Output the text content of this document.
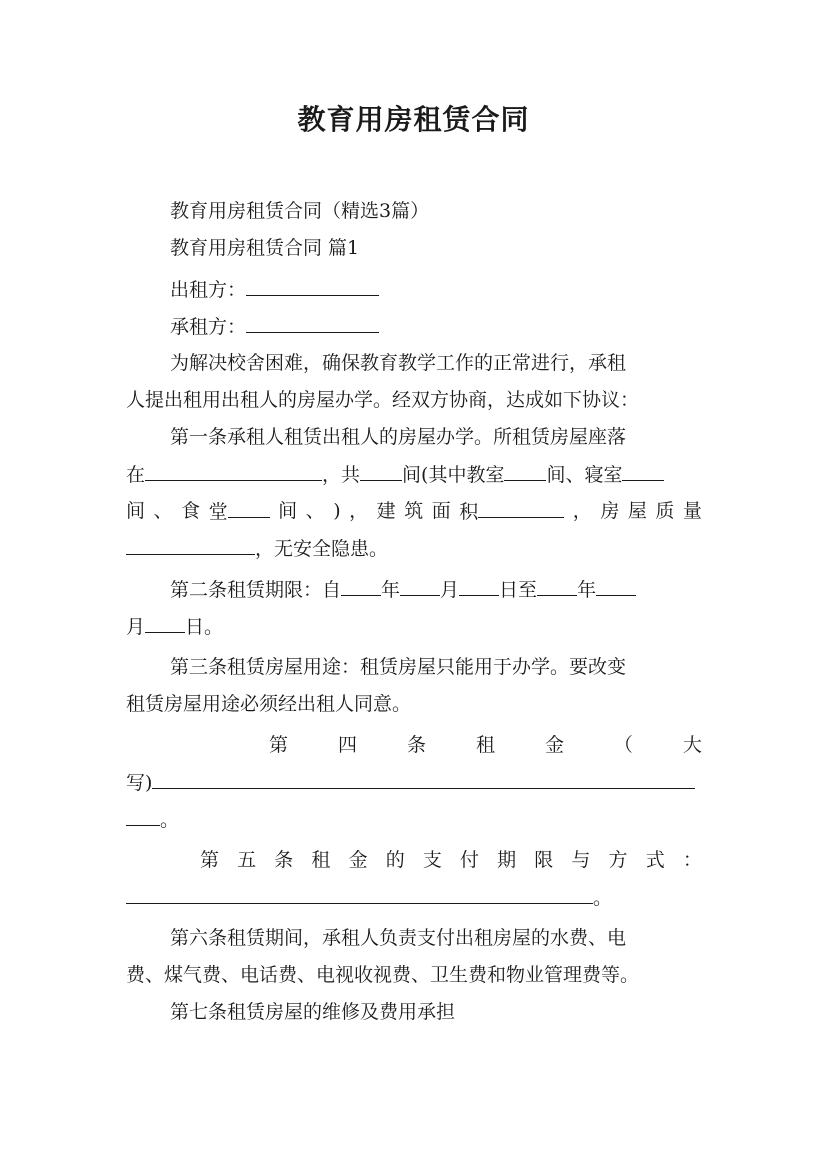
教育用房租赁合同
教育用房租赁合同（精选3篇）
教育用房租赁合同 篇1
出租方：
承租方：
为解决校舍困难，确保教育教学工作的正常进行，承租
人提出租用出租人的房屋办学。经双方协商，达成如下协议：
第一条承租人租赁出租人的房屋办学。所租赁房屋座落
在	，共 间(其中教室 间、寝室
间 、 食 堂	间 、 ) ， 建 筑 面 积	， 房 屋 质 量
，无安全隐患。
第二条租赁期限：自 年 月 日至 年
月 日。
第三条租赁房屋用途：租赁房屋只能用于办学。要改变
租赁房屋用途必须经出租人同意。
第	四	条	租	金	（	大
写)
。
第 五 条 租 金 的 支 付 期 限 与 方 式 ：
。
第六条租赁期间，承租人负责支付出租房屋的水费、电
费、煤气费、电话费、电视收视费、卫生费和物业管理费等。
第七条租赁房屋的维修及费用承担
